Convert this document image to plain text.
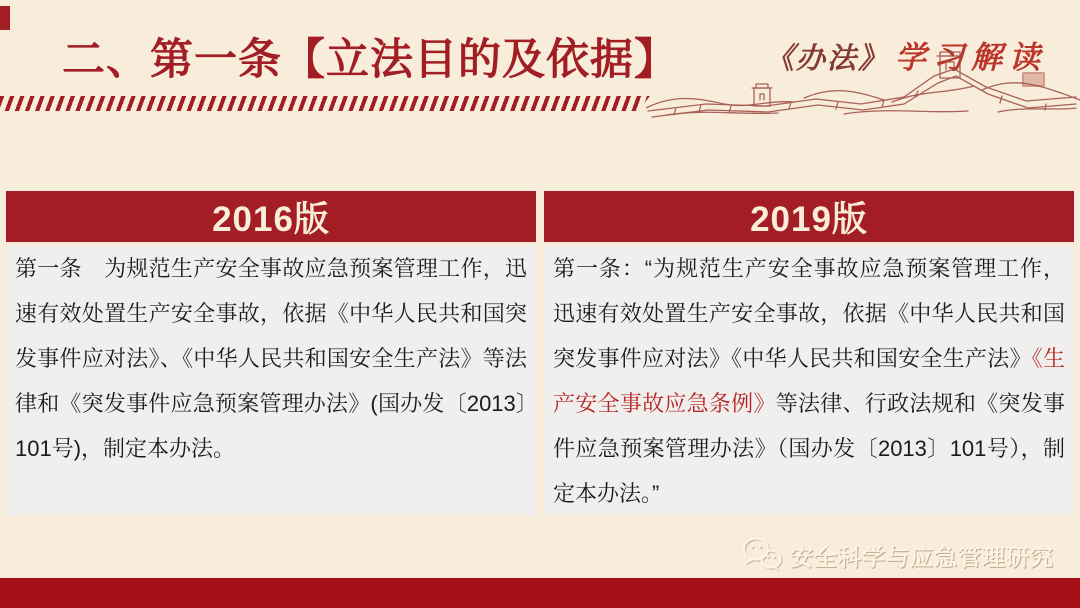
二、第一条【立法目的及依据】	《办法》 学习解读
2016版	2019版
第一条　为规范生产安全事故应急预案管理工作，迅速有效处置生产安全事故，依据《中华人民共和国突发事件应对法》、《中华人民共和国安全生产法》等法律和《突发事件应急预案管理办法》(国办发〔2013〕101号)，制定本办法。
第一条：“为规范生产安全事故应急预案管理工作，迅速有效处置生产安全事故，依据《中华人民共和国突发事件应对法》《中华人民共和国安全生产法》《生产安全事故应急条例》等法律、行政法规和《突发事件应急预案管理办法》（国办发〔2013〕101号），制定本办法。”
安全科学与应急管理研究
